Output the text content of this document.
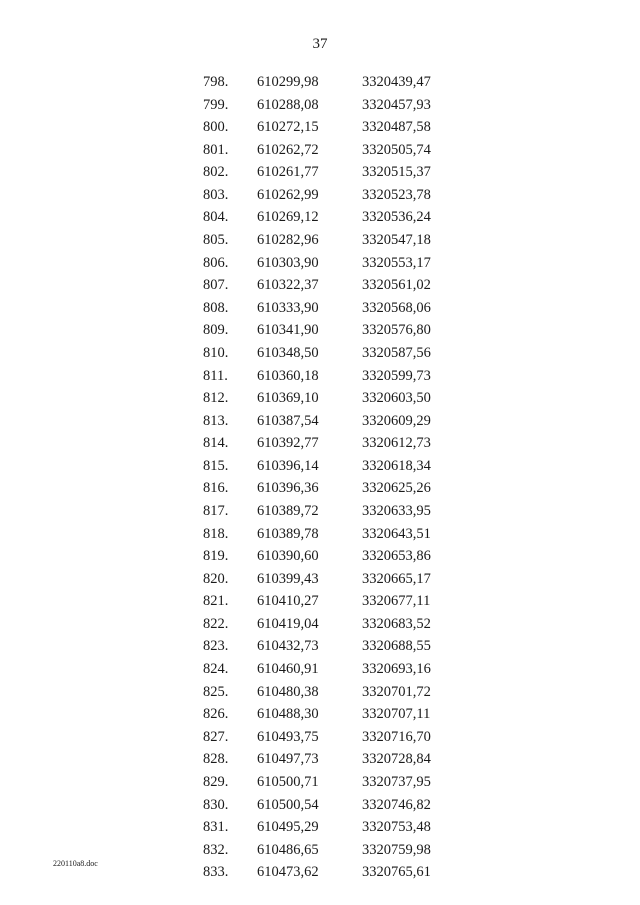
37
798.	610299,98	3320439,47
799.	610288,08	3320457,93
800.	610272,15	3320487,58
801.	610262,72	3320505,74
802.	610261,77	3320515,37
803.	610262,99	3320523,78
804.	610269,12	3320536,24
805.	610282,96	3320547,18
806.	610303,90	3320553,17
807.	610322,37	3320561,02
808.	610333,90	3320568,06
809.	610341,90	3320576,80
810.	610348,50	3320587,56
811.	610360,18	3320599,73
812.	610369,10	3320603,50
813.	610387,54	3320609,29
814.	610392,77	3320612,73
815.	610396,14	3320618,34
816.	610396,36	3320625,26
817.	610389,72	3320633,95
818.	610389,78	3320643,51
819.	610390,60	3320653,86
820.	610399,43	3320665,17
821.	610410,27	3320677,11
822.	610419,04	3320683,52
823.	610432,73	3320688,55
824.	610460,91	3320693,16
825.	610480,38	3320701,72
826.	610488,30	3320707,11
827.	610493,75	3320716,70
828.	610497,73	3320728,84
829.	610500,71	3320737,95
830.	610500,54	3320746,82
831.	610495,29	3320753,48
832.	610486,65	3320759,98
833.	610473,62	3320765,61
220110a8.doc
